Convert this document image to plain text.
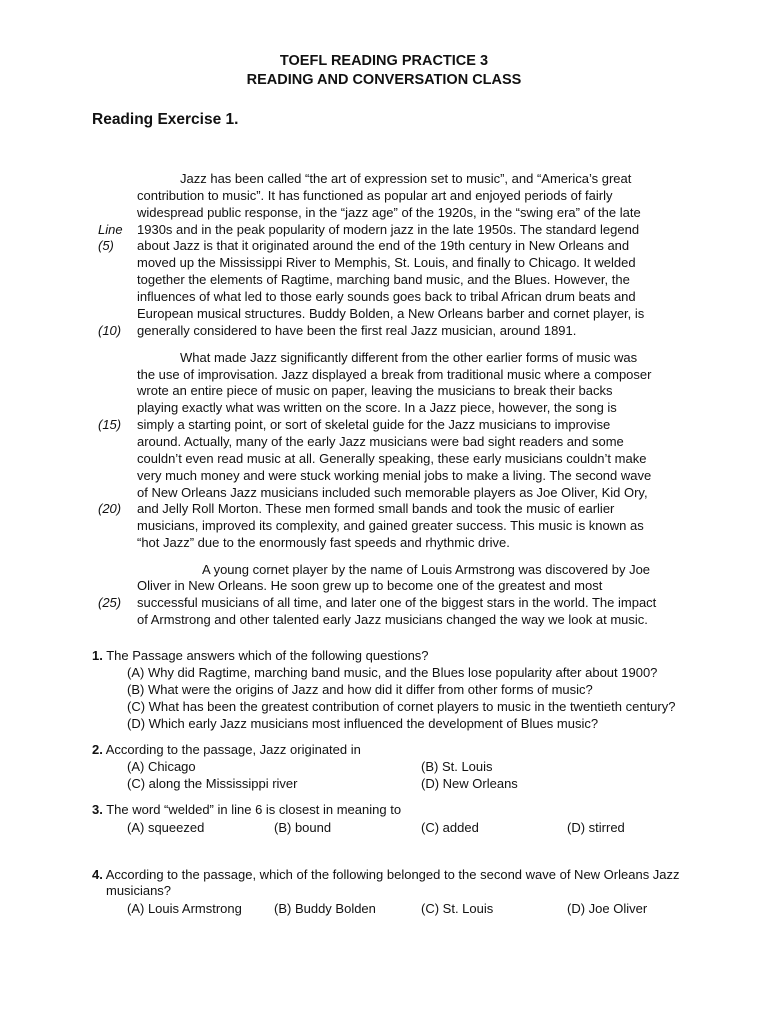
TOEFL READING PRACTICE 3
READING AND CONVERSATION CLASS
Reading Exercise 1.
Jazz has been called “the art of expression set to music”, and “America’s great
contribution to music”. It has functioned as popular art and enjoyed periods of fairly
widespread public response, in the “jazz age” of the 1920s, in the “swing era” of the late
1930s and in the peak popularity of modern jazz in the late 1950s. The standard legend
about Jazz is that it originated around the end of the 19th century in New Orleans and
moved up the Mississippi River to Memphis, St. Louis, and finally to Chicago. It welded
together the elements of Ragtime, marching band music, and the Blues. However, the
influences of what led to those early sounds goes back to tribal African drum beats and
European musical structures. Buddy Bolden, a New Orleans barber and cornet player, is
generally considered to have been the first real Jazz musician, around 1891.
What made Jazz significantly different from the other earlier forms of music was
the use of improvisation. Jazz displayed a break from traditional music where a composer
wrote an entire piece of music on paper, leaving the musicians to break their backs
playing exactly what was written on the score. In a Jazz piece, however, the song is
simply a starting point, or sort of skeletal guide for the Jazz musicians to improvise
around. Actually, many of the early Jazz musicians were bad sight readers and some
couldn’t even read music at all. Generally speaking, these early musicians couldn’t make
very much money and were stuck working menial jobs to make a living. The second wave
of New Orleans Jazz musicians included such memorable players as Joe Oliver, Kid Ory,
and Jelly Roll Morton. These men formed small bands and took the music of earlier
musicians, improved its complexity, and gained greater success. This music is known as
“hot Jazz” due to the enormously fast speeds and rhythmic drive.
A young cornet player by the name of Louis Armstrong was discovered by Joe
Oliver in New Orleans. He soon grew up to become one of the greatest and most
successful musicians of all time, and later one of the biggest stars in the world. The impact
of Armstrong and other talented early Jazz musicians changed the way we look at music.
Line
(5)
(10)
(15)
(20)
(25)
1. The Passage answers which of the following questions?
(A) Why did Ragtime, marching band music, and the Blues lose popularity after about 1900?
(B) What were the origins of Jazz and how did it differ from other forms of music?
(C) What has been the greatest contribution of cornet players to music in the twentieth century?
(D) Which early Jazz musicians most influenced the development of Blues music?
2. According to the passage, Jazz originated in
(A) Chicago	(B) St. Louis
(C) along the Mississippi river	(D) New Orleans
3. The word “welded” in line 6 is closest in meaning to
(A) squeezed	(B) bound	(C) added	(D) stirred
4. According to the passage, which of the following belonged to the second wave of New Orleans Jazz
musicians?
(A) Louis Armstrong (B) Buddy Bolden	(C) St. Louis	(D) Joe Oliver
